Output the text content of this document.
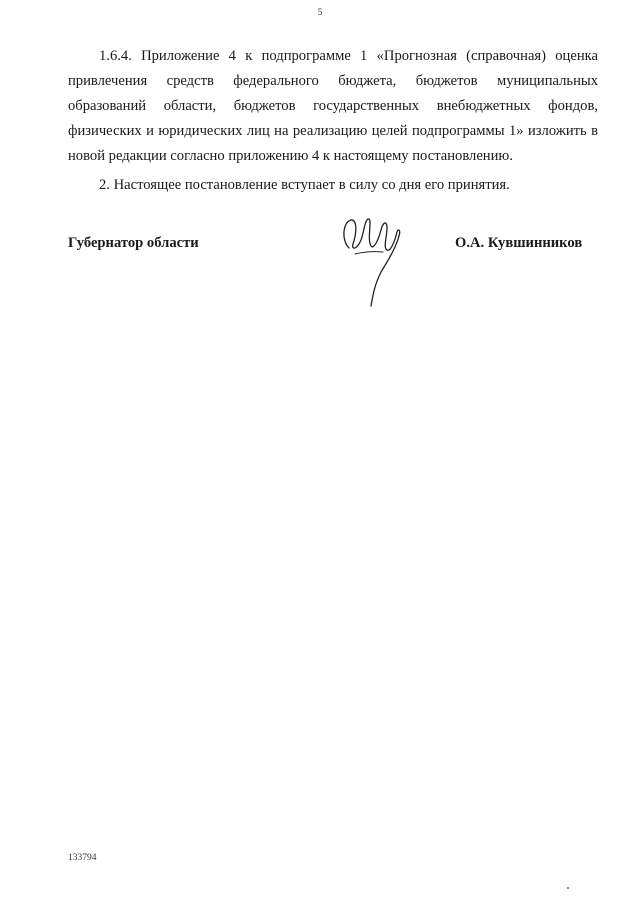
5

1.6.4. Приложение 4 к подпрограмме 1 «Прогнозная (справочная) оценка привлечения средств федерального бюджета, бюджетов муниципальных образований области, бюджетов государственных внебюджетных фондов, физических и юридических лиц на реализацию целей подпрограммы 1» изложить в новой редакции согласно приложению 4 к настоящему постановлению.

2. Настоящее постановление вступает в силу со дня его принятия.

Губернатор области	О.А. Кувшинников
133794
